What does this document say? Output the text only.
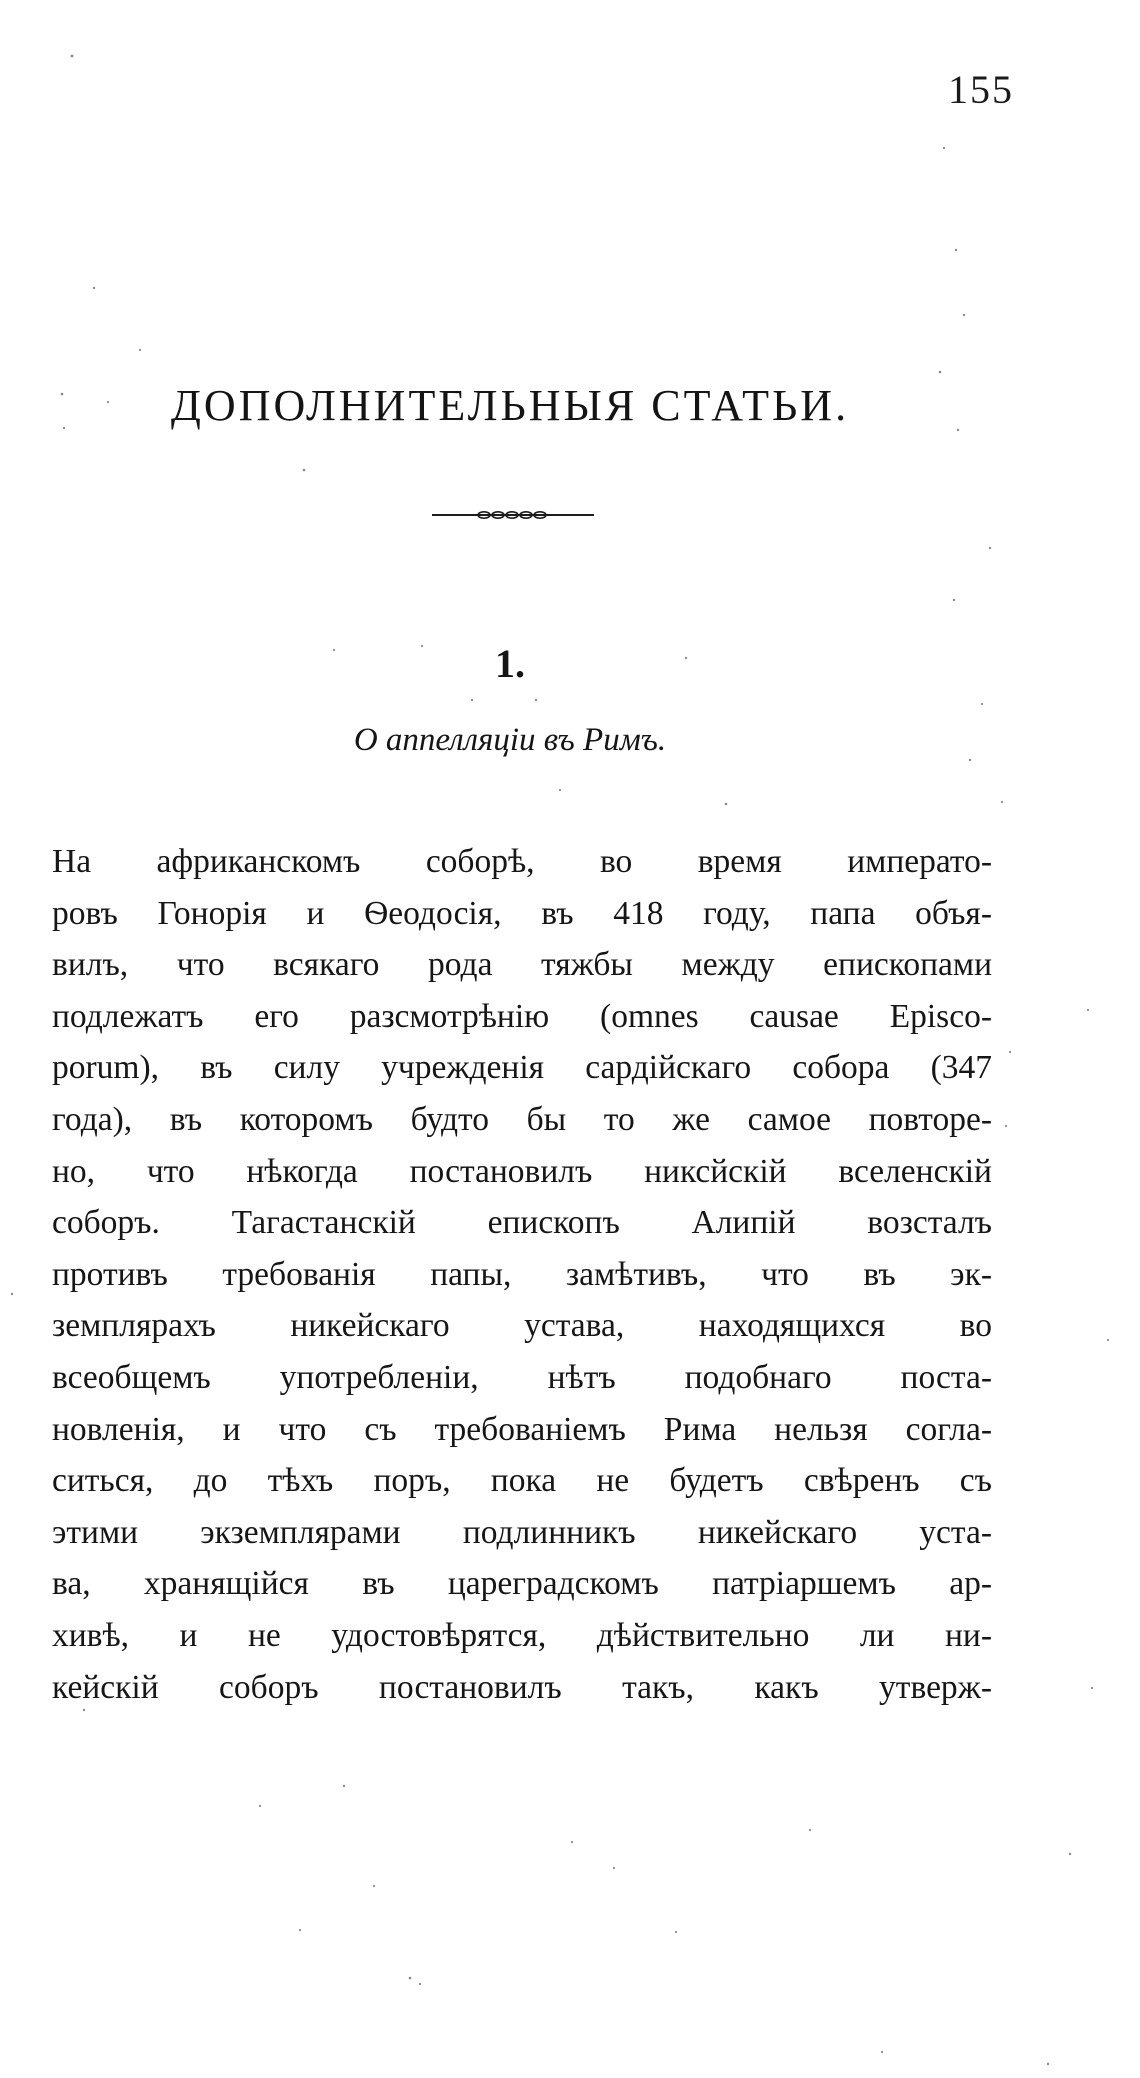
155
ДОПОЛНИТЕЛЬНЫЯ СТАТЬИ.
1.
О аппелляціи въ Римъ.
На африканскомъ соборѣ, во время императо-
ровъ Гонорія и Ѳеодосія, въ 418 году, папа объя-
вилъ, что всякаго рода тяжбы между епископами
подлежатъ его разсмотрѣнію (omnes causae Episco-
porum), въ силу учрежденія сардійскаго собора (347
года), въ которомъ будто бы то же самое повторе-
но, что нѣкогда постановилъ никсйскій вселенскій
соборъ. Тагастанскій епископъ Алипій возсталъ
противъ требованія папы, замѣтивъ, что въ эк-
земплярахъ никейскаго устава, находящихся во
всеобщемъ употребленіи, нѣтъ подобнаго поста-
новленія, и что съ требованіемъ Рима нельзя согла-
ситься, до тѣхъ поръ, пока не будетъ свѣренъ съ
этими экземплярами подлинникъ никейскаго уста-
ва, хранящійся въ цареградскомъ патріаршемъ ар-
хивѣ, и не удостовѣрятся, дѣйствительно ли ни-
кейскій соборъ постановилъ такъ, какъ утверж-
